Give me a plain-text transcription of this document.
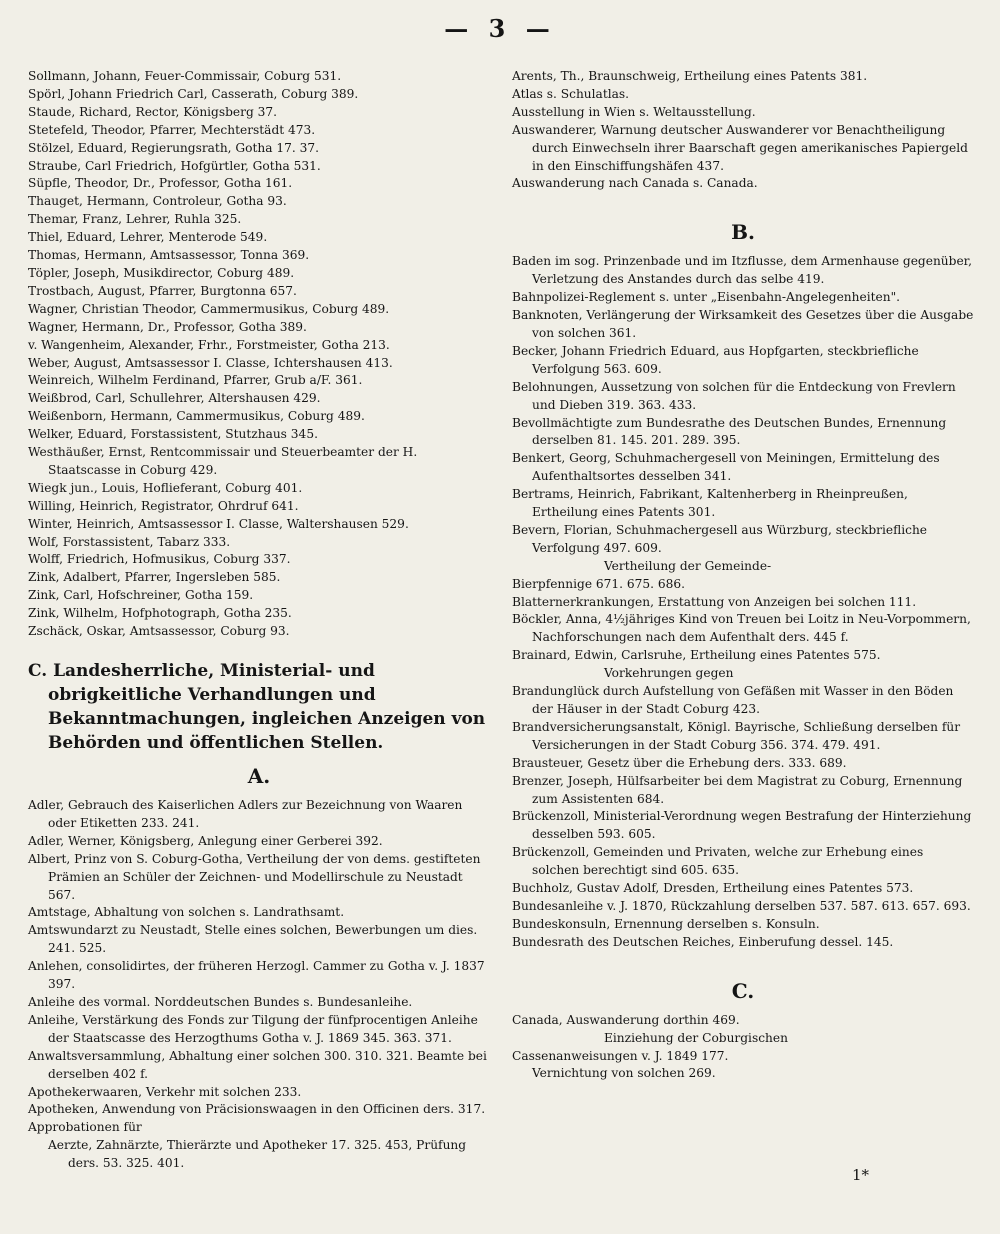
— 3 —
Sollmann, Johann, Feuer-Commissair, Coburg 531.
Spörl, Johann Friedrich Carl, Casserath, Coburg 389.
Staude, Richard, Rector, Königsberg 37.
Stetefeld, Theodor, Pfarrer, Mechterstädt 473.
Stölzel, Eduard, Regierungsrath, Gotha 17. 37.
Straube, Carl Friedrich, Hofgürtler, Gotha 531.
Süpfle, Theodor, Dr., Professor, Gotha 161.
Thauget, Hermann, Controleur, Gotha 93.
Themar, Franz, Lehrer, Ruhla 325.
Thiel, Eduard, Lehrer, Menterode 549.
Thomas, Hermann, Amtsassessor, Tonna 369.
Töpler, Joseph, Musikdirector, Coburg 489.
Trostbach, August, Pfarrer, Burgtonna 657.
Wagner, Christian Theodor, Cammermusikus, Coburg 489.
Wagner, Hermann, Dr., Professor, Gotha 389.
v. Wangenheim, Alexander, Frhr., Forstmeister, Gotha 213.
Weber, August, Amtsassessor I. Classe, Ichtershausen 413.
Weinreich, Wilhelm Ferdinand, Pfarrer, Grub a/F. 361.
Weißbrod, Carl, Schullehrer, Altershausen 429.
Weißenborn, Hermann, Cammermusikus, Coburg 489.
Welker, Eduard, Forstassistent, Stutzhaus 345.
Westhäußer, Ernst, Rentcommissair und Steuerbeamter der H. Staatscasse in Coburg 429.
Wiegk jun., Louis, Hoflieferant, Coburg 401.
Willing, Heinrich, Registrator, Ohrdruf 641.
Winter, Heinrich, Amtsassessor I. Classe, Waltershausen 529.
Wolf, Forstassistent, Tabarz 333.
Wolff, Friedrich, Hofmusikus, Coburg 337.
Zink, Adalbert, Pfarrer, Ingersleben 585.
Zink, Carl, Hofschreiner, Gotha 159.
Zink, Wilhelm, Hofphotograph, Gotha 235.
Zschäck, Oskar, Amtsassessor, Coburg 93.
C. Landesherrliche, Ministerial- und obrigkeitliche Verhandlungen und Bekanntmachungen, ingleichen Anzeigen von Behörden und öffentlichen Stellen.
A.
Adler, Gebrauch des Kaiserlichen Adlers zur Bezeichnung von Waaren oder Etiketten 233. 241.
Adler, Werner, Königsberg, Anlegung einer Gerberei 392.
Albert, Prinz von S. Coburg-Gotha, Vertheilung der von dems. gestifteten Prämien an Schüler der Zeichnen- und Modellirschule zu Neustadt 567.
Amtstage, Abhaltung von solchen s. Landrathsamt.
Amtswundarzt zu Neustadt, Stelle eines solchen, Bewerbungen um dies. 241. 525.
Anlehen, consolidirtes, der früheren Herzogl. Cammer zu Gotha v. J. 1837 397.
Anleihe des vormal. Norddeutschen Bundes s. Bundesanleihe.
Anleihe, Verstärkung des Fonds zur Tilgung der fünfprocentigen Anleihe der Staatscasse des Herzogthums Gotha v. J. 1869 345. 363. 371.
Anwaltsversammlung, Abhaltung einer solchen 300. 310. 321. Beamte bei derselben 402 f.
Apothekerwaaren, Verkehr mit solchen 233.
Apotheken, Anwendung von Präcisionswaagen in den Officinen ders. 317.
Approbationen für
Aerzte, Zahnärzte, Thierärzte und Apotheker 17. 325. 453, Prüfung ders. 53. 325. 401.
Arents, Th., Braunschweig, Ertheilung eines Patents 381.
Atlas s. Schulatlas.
Ausstellung in Wien s. Weltausstellung.
Auswanderer, Warnung deutscher Auswanderer vor Benachtheiligung durch Einwechseln ihrer Baarschaft gegen amerikanisches Papiergeld in den Einschiffungshäfen 437.
Auswanderung nach Canada s. Canada.
B.
Baden im sog. Prinzenbade und im Itzflusse, dem Armenhause gegenüber, Verletzung des Anstandes durch das selbe 419.
Bahnpolizei-Reglement s. unter „Eisenbahn-Angelegenheiten".
Banknoten, Verlängerung der Wirksamkeit des Gesetzes über die Ausgabe von solchen 361.
Becker, Johann Friedrich Eduard, aus Hopfgarten, steckbriefliche Verfolgung 563. 609.
Belohnungen, Aussetzung von solchen für die Entdeckung von Frevlern und Dieben 319. 363. 433.
Bevollmächtigte zum Bundesrathe des Deutschen Bundes, Ernennung derselben 81. 145. 201. 289. 395.
Benkert, Georg, Schuhmachergesell von Meiningen, Ermittelung des Aufenthaltsortes desselben 341.
Bertrams, Heinrich, Fabrikant, Kaltenherberg in Rheinpreußen, Ertheilung eines Patents 301.
Bevern, Florian, Schuhmachergesell aus Würzburg, steckbriefliche Verfolgung 497. 609.
Vertheilung der Gemeinde-
Bierpfennige 671. 675. 686.
Blatternerkrankungen, Erstattung von Anzeigen bei solchen 111.
Böckler, Anna, 4½jähriges Kind von Treuen bei Loitz in Neu-Vorpommern, Nachforschungen nach dem Aufenthalt ders. 445 f.
Brainard, Edwin, Carlsruhe, Ertheilung eines Patentes 575.
Vorkehrungen gegen
Brandunglück durch Aufstellung von Gefäßen mit Wasser in den Böden der Häuser in der Stadt Coburg 423.
Brandversicherungsanstalt, Königl. Bayrische, Schließung derselben für Versicherungen in der Stadt Coburg 356. 374. 479. 491.
Brausteuer, Gesetz über die Erhebung ders. 333. 689.
Brenzer, Joseph, Hülfsarbeiter bei dem Magistrat zu Coburg, Ernennung zum Assistenten 684.
Brückenzoll, Ministerial-Verordnung wegen Bestrafung der Hinterziehung desselben 593. 605.
Brückenzoll, Gemeinden und Privaten, welche zur Erhebung eines solchen berechtigt sind 605. 635.
Buchholz, Gustav Adolf, Dresden, Ertheilung eines Patentes 573.
Bundesanleihe v. J. 1870, Rückzahlung derselben 537. 587. 613. 657. 693.
Bundeskonsuln, Ernennung derselben s. Konsuln.
Bundesrath des Deutschen Reiches, Einberufung dessel. 145.
C.
Canada, Auswanderung dorthin 469.
Einziehung der Coburgischen
Cassenanweisungen v. J. 1849 177.
Vernichtung von solchen 269.
1*
